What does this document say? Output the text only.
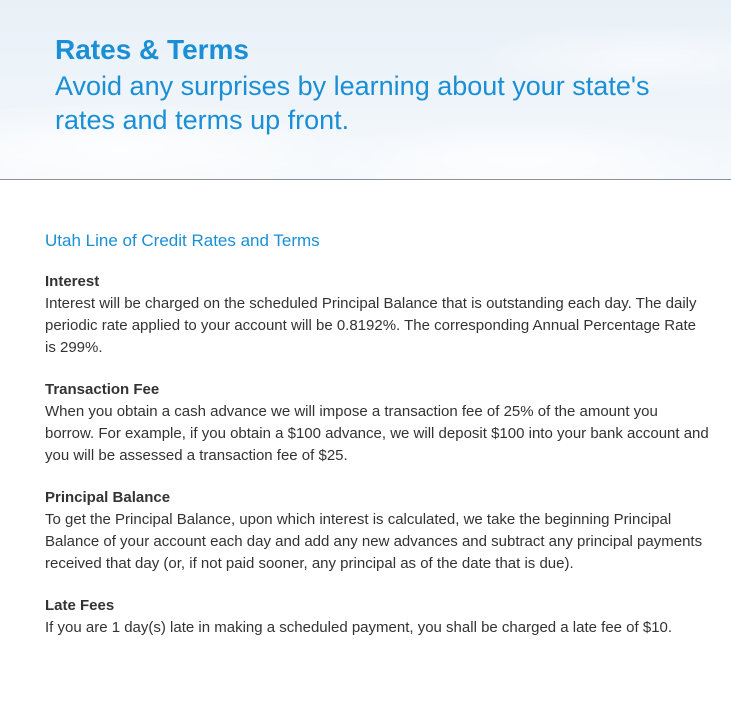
Rates & Terms
Avoid any surprises by learning about your state's rates and terms up front.
Utah Line of Credit Rates and Terms

Interest

Interest will be charged on the scheduled Principal Balance that is outstanding each day. The daily periodic rate applied to your account will be 0.8192%. The corresponding Annual Percentage Rate is 299%.

Transaction Fee

When you obtain a cash advance we will impose a transaction fee of 25% of the amount you borrow. For example, if you obtain a $100 advance, we will deposit $100 into your bank account and you will be assessed a transaction fee of $25.

Principal Balance

To get the Principal Balance, upon which interest is calculated, we take the beginning Principal Balance of your account each day and add any new advances and subtract any principal payments received that day (or, if not paid sooner, any principal as of the date that is due).

Late Fees

If you are 1 day(s) late in making a scheduled payment, you shall be charged a late fee of $10.
